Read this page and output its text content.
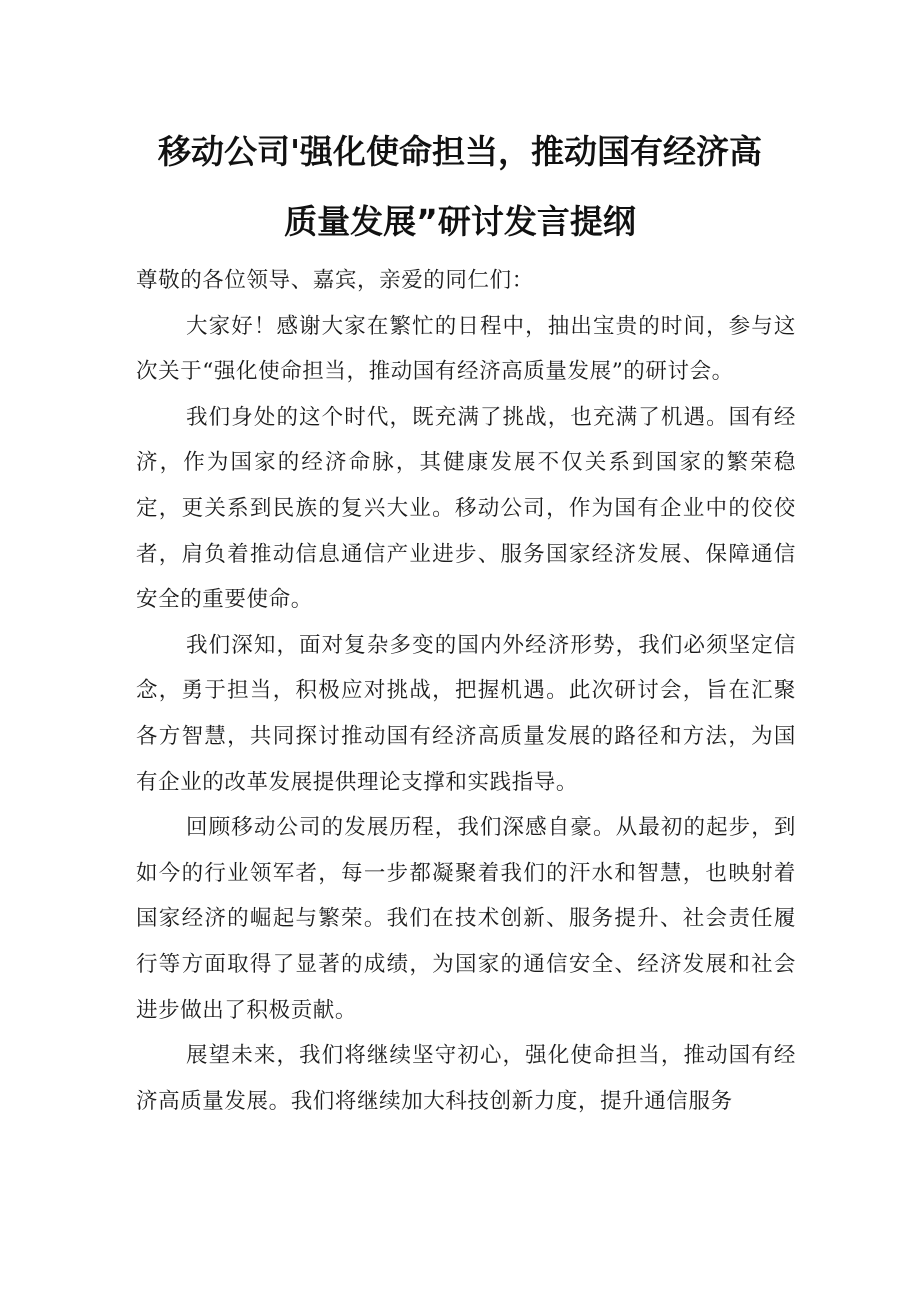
移动公司'强化使命担当，推动国有经济高
质量发展”研讨发言提纲

尊敬的各位领导、嘉宾，亲爱的同仁们：

大家好！感谢大家在繁忙的日程中，抽出宝贵的时间，参与这次关于“强化使命担当，推动国有经济高质量发展”的研讨会。

我们身处的这个时代，既充满了挑战，也充满了机遇。国有经济，作为国家的经济命脉，其健康发展不仅关系到国家的繁荣稳定，更关系到民族的复兴大业。移动公司，作为国有企业中的佼佼者，肩负着推动信息通信产业进步、服务国家经济发展、保障通信安全的重要使命。

我们深知，面对复杂多变的国内外经济形势，我们必须坚定信念，勇于担当，积极应对挑战，把握机遇。此次研讨会，旨在汇聚各方智慧，共同探讨推动国有经济高质量发展的路径和方法，为国有企业的改革发展提供理论支撑和实践指导。

回顾移动公司的发展历程，我们深感自豪。从最初的起步，到如今的行业领军者，每一步都凝聚着我们的汗水和智慧，也映射着国家经济的崛起与繁荣。我们在技术创新、服务提升、社会责任履行等方面取得了显著的成绩，为国家的通信安全、经济发展和社会进步做出了积极贡献。

展望未来，我们将继续坚守初心，强化使命担当，推动国有经济高质量发展。我们将继续加大科技创新力度，提升通信服务
